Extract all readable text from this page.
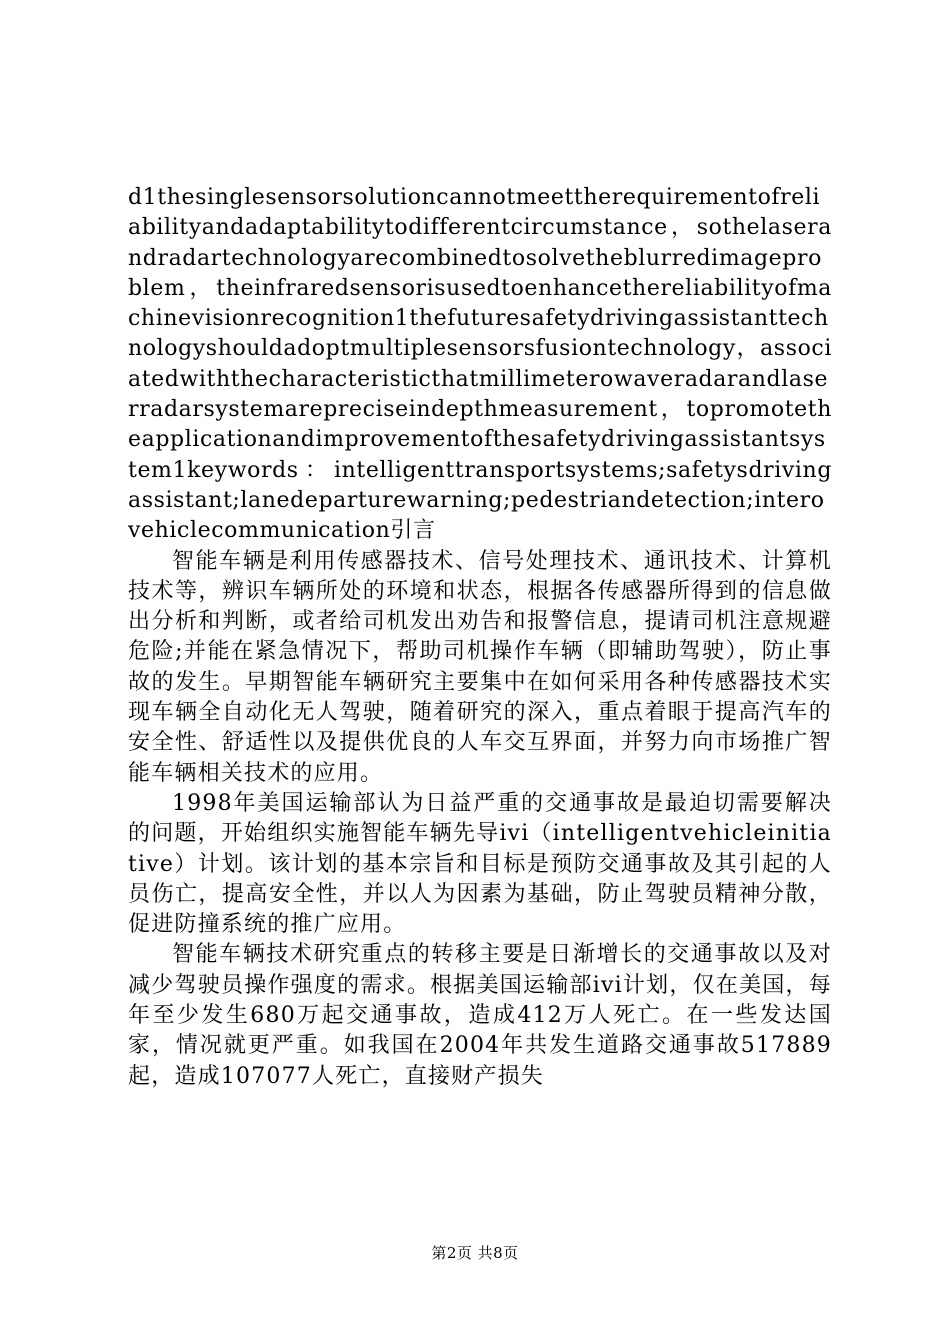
d1thesinglesensorsolutioncannotmeettherequirementofreliabilityandadaptabilitytodifferentcircumstance，sothelaserandradartechnologyarecombinedtosolvetheblurredimageproblem，theinfraredsensorisusedtoenhancethereliabilityofmachinevisionrecognition1thefuturesafetydrivingassistanttechnologyshouldadoptmultiplesensorsfusiontechnology，associatedwiththecharacteristicthatmillimeterowaveradarandlaserradarsystemarepreciseindepthmeasurement，topromotetheapplicationandimprovementofthesafetydrivingassistantsystem1keywords：intelligenttransportsystems;safetysdrivingassistant;lanedeparturewarning;pedestriandetection;interovehiclecommunication引言

智能车辆是利用传感器技术、信号处理技术、通讯技术、计算机技术等，辨识车辆所处的环境和状态，根据各传感器所得到的信息做出分析和判断，或者给司机发出劝告和报警信息，提请司机注意规避危险;并能在紧急情况下，帮助司机操作车辆（即辅助驾驶），防止事故的发生。早期智能车辆研究主要集中在如何采用各种传感器技术实现车辆全自动化无人驾驶，随着研究的深入，重点着眼于提高汽车的安全性、舒适性以及提供优良的人车交互界面，并努力向市场推广智能车辆相关技术的应用。

1998年美国运输部认为日益严重的交通事故是最迫切需要解决的问题，开始组织实施智能车辆先导ivi（intelligentvehicleinitiative）计划。该计划的基本宗旨和目标是预防交通事故及其引起的人员伤亡，提高安全性，并以人为因素为基础，防止驾驶员精神分散，促进防撞系统的推广应用。

智能车辆技术研究重点的转移主要是日渐增长的交通事故以及对减少驾驶员操作强度的需求。根据美国运输部ivi计划，仅在美国，每年至少发生680万起交通事故，造成412万人死亡。在一些发达国家，情况就更严重。如我国在2004年共发生道路交通事故517889起，造成107077人死亡，直接财产损失

第2页 共8页
